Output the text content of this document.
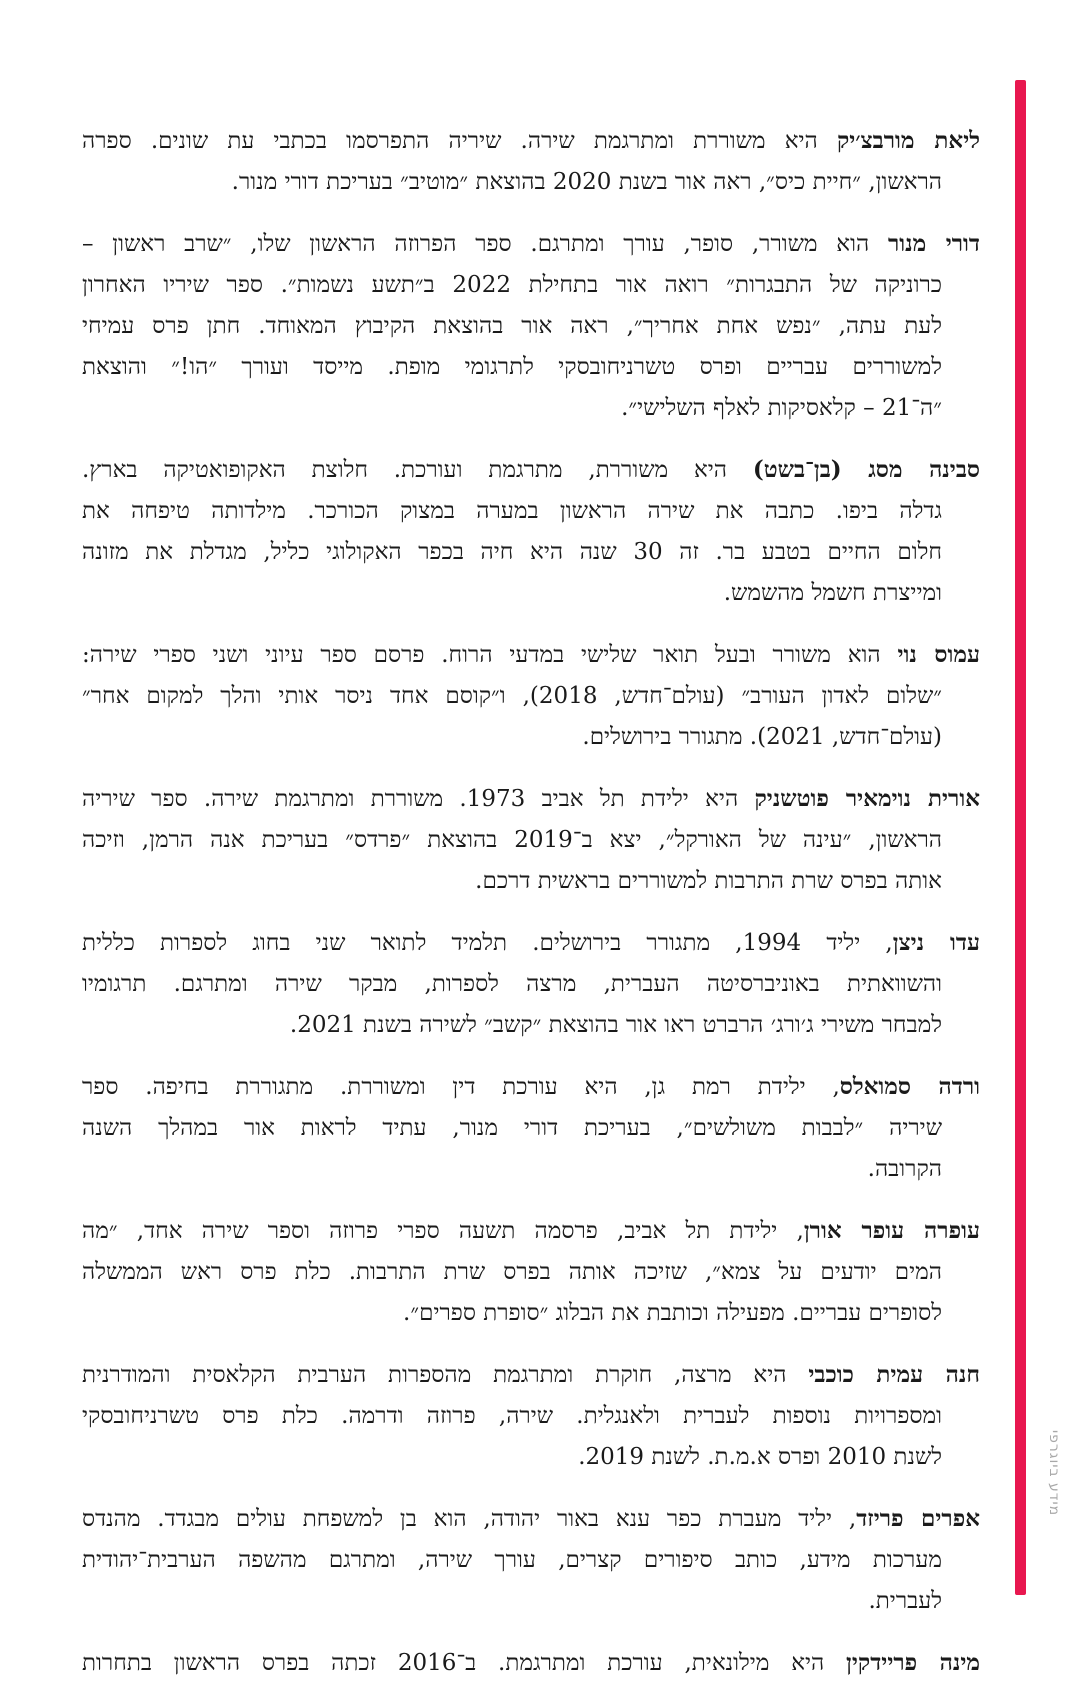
מידע ביוגרפי
ליאת מורבצ׳יק היא משוררת ומתרגמת שירה. שיריה התפרסמו בכתבי עת שונים. ספרה
הראשון, ״חיית כיס״, ראה אור בשנת 2020 בהוצאת ״מוטיב״ בעריכת דורי מנור.
דורי מנור הוא משורר, סופר, עורך ומתרגם. ספר הפרוזה הראשון שלו, ״שרב ראשון –
כרוניקה של התבגרות״ רואה אור בתחילת 2022 ב״תשע נשמות״. ספר שיריו האחרון
לעת עתה, ״נפש אחת אחריך״, ראה אור בהוצאת הקיבוץ המאוחד. חתן פרס עמיחי
למשוררים עבריים ופרס טשרניחובסקי לתרגומי מופת. מייסד ועורך ״הו!״ והוצאת
״ה־21 – קלאסיקות לאלף השלישי״.
סבינה מסג (בן־בשט) היא משוררת, מתרגמת ועורכת. חלוצת האקופואטיקה בארץ.
גדלה ביפו. כתבה את שירה הראשון במערה במצוק הכורכר. מילדותה טיפחה את
חלום החיים בטבע בר. זה 30 שנה היא חיה בכפר האקולוגי כליל, מגדלת את מזונה
ומייצרת חשמל מהשמש.
עמוס נוי הוא משורר ובעל תואר שלישי במדעי הרוח. פרסם ספר עיוני ושני ספרי שירה:
״שלום לאדון העורב״ (עולם־חדש, 2018), ו״קוסם אחד ניסר אותי והלך למקום אחר״
(עולם־חדש, 2021). מתגורר בירושלים.
אורית נוימאיר פוטשניק היא ילידת תל אביב 1973. משוררת ומתרגמת שירה. ספר שיריה
הראשון, ״עינה של האורקל״, יצא ב־2019 בהוצאת ״פרדס״ בעריכת אנה הרמן, וזיכה
אותה בפרס שרת התרבות למשוררים בראשית דרכם.
עדו ניצן, יליד 1994, מתגורר בירושלים. תלמיד לתואר שני בחוג לספרות כללית
והשוואתית באוניברסיטה העברית, מרצה לספרות, מבקר שירה ומתרגם. תרגומיו
למבחר משירי ג׳ורג׳ הרברט ראו אור בהוצאת ״קשב״ לשירה בשנת 2021.
ורדה סמואלס, ילידת רמת גן, היא עורכת דין ומשוררת. מתגוררת בחיפה. ספר
שיריה ״לבבות משולשים״, בעריכת דורי מנור, עתיד לראות אור במהלך השנה
הקרובה.
עופרה עופר אורן, ילידת תל אביב, פרסמה תשעה ספרי פרוזה וספר שירה אחד, ״מה
המים יודעים על צמא״, שזיכה אותה בפרס שרת התרבות. כלת פרס ראש הממשלה
לסופרים עבריים. מפעילה וכותבת את הבלוג ״סופרת ספרים״.
חנה עמית כוכבי היא מרצה, חוקרת ומתרגמת מהספרות הערבית הקלאסית והמודרנית
ומספרויות נוספות לעברית ולאנגלית. שירה, פרוזה ודרמה. כלת פרס טשרניחובסקי
לשנת 2010 ופרס א.מ.ת. לשנת 2019.
אפרים פריזד, יליד מעברת כפר ענא באור יהודה, הוא בן למשפחת עולים מבגדד. מהנדס
מערכות מידע, כותב סיפורים קצרים, עורך שירה, ומתרגם מהשפה הערבית־יהודית
לעברית.
מינה פריידקין היא מילונאית, עורכת ומתרגמת. ב־2016 זכתה בפרס הראשון בתחרות
